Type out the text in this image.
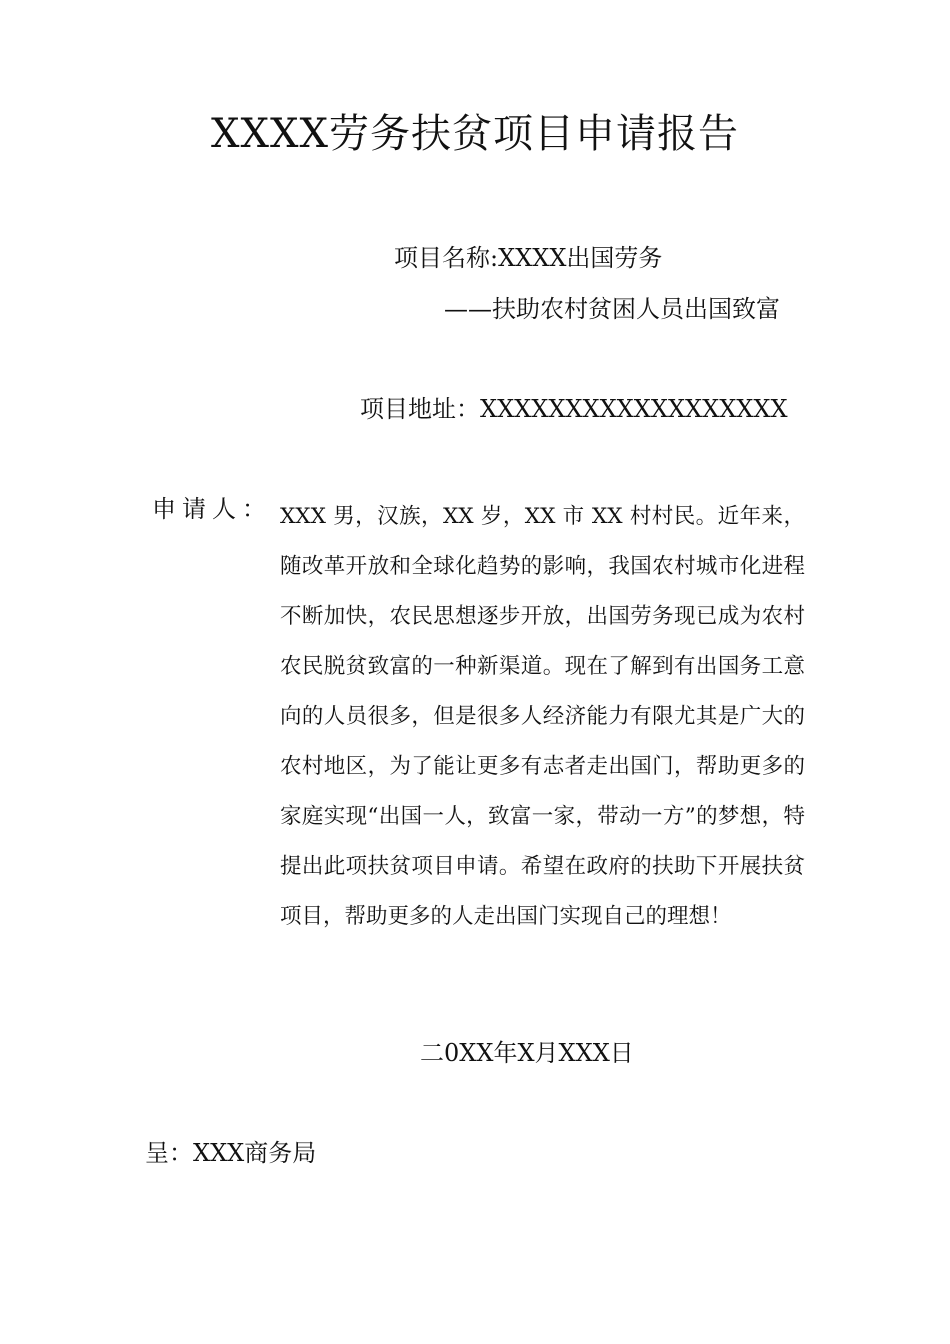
XXXX劳务扶贫项目申请报告
项目名称:XXXX出国劳务
——扶助农村贫困人员出国致富
项目地址：XXXXXXXXXXXXXXXXXX
申请人： XXX 男，汉族，XX 岁，XX 市 XX 村村民。近年来，随改革开放和全球化趋势的影响，我国农村城市化进程不断加快，农民思想逐步开放，出国劳务现已成为农村农民脱贫致富的一种新渠道。现在了解到有出国务工意向的人员很多，但是很多人经济能力有限尤其是广大的农村地区，为了能让更多有志者走出国门，帮助更多的家庭实现“出国一人，致富一家，带动一方”的梦想，特提出此项扶贫项目申请。希望在政府的扶助下开展扶贫项目，帮助更多的人走出国门实现自己的理想！
二0XX年X月XXX日
呈：XXX商务局
